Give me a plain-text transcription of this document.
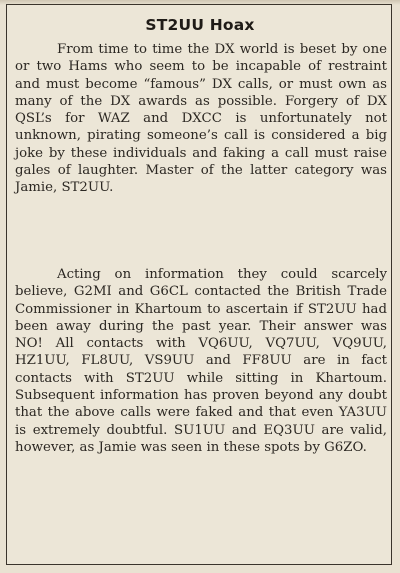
ST2UU Hoax

From time to time the DX world is beset by one or two Hams who seem to be incapable of restraint and must become “famous” DX calls, or must own as many of the DX awards as possible. Forgery of DX QSL’s for WAZ and DXCC is unfortunately not unknown, pirating someone’s call is considered a big joke by these individuals and faking a call must raise gales of laughter. Master of the latter category was Jamie, ST2UU.

Acting on information they could scarcely believe, G2MI and G6CL contacted the British Trade Commissioner in Khartoum to ascertain if ST2UU had been away during the past year. Their answer was NO! All contacts with VQ6UU, VQ7UU, VQ9UU, HZ1UU, FL8UU, VS9UU and FF8UU are in fact contacts with ST2UU while sitting in Khartoum. Subsequent information has proven beyond any doubt that the above calls were faked and that even YA3UU is extremely doubtful. SU1UU and EQ3UU are valid, however, as Jamie was seen in these spots by G6ZO.
